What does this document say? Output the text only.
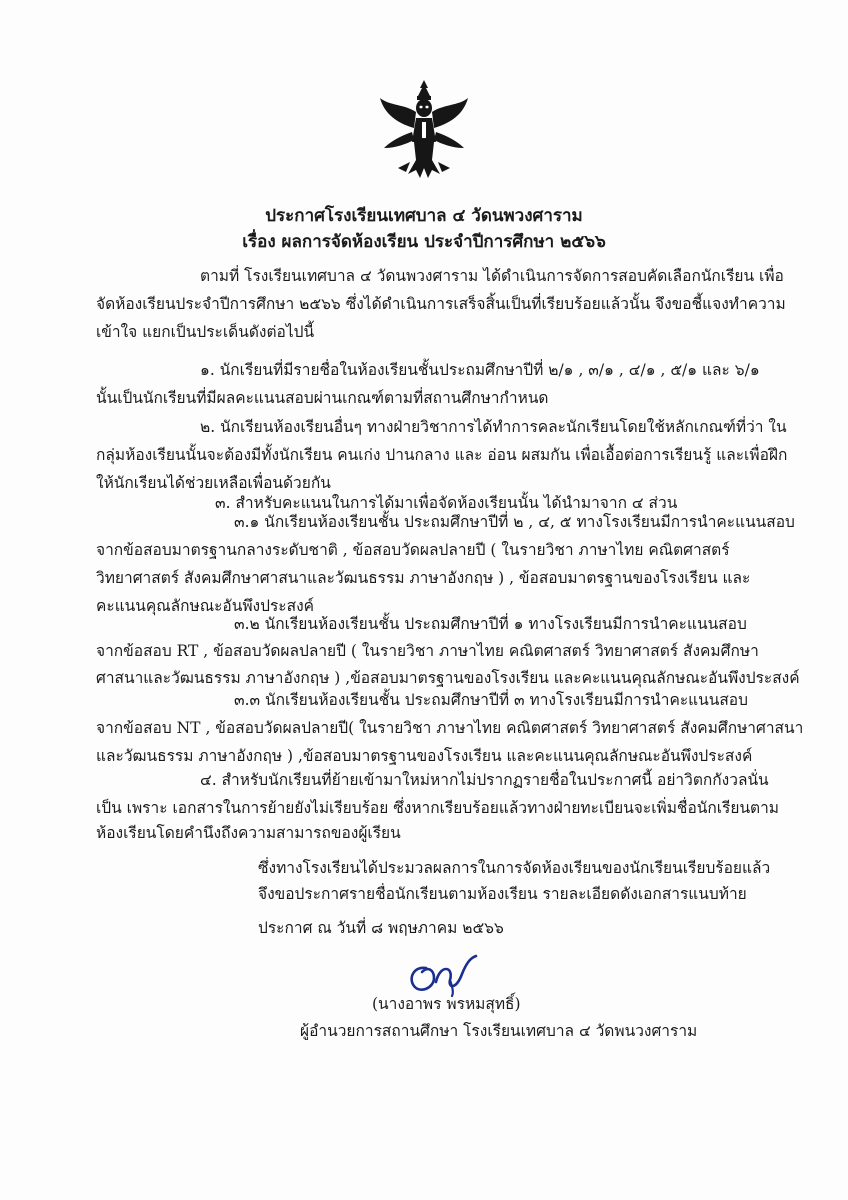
ประกาศโรงเรียนเทศบาล ๔ วัดนพวงศาราม
เรื่อง ผลการจัดห้องเรียน ประจำปีการศึกษา ๒๕๖๖
ตามที่ โรงเรียนเทศบาล ๔ วัดนพวงศาราม ได้ดำเนินการจัดการสอบคัดเลือกนักเรียน เพื่อ
จัดห้องเรียนประจำปีการศึกษา ๒๕๖๖ ซึ่งได้ดำเนินการเสร็จสิ้นเป็นที่เรียบร้อยแล้วนั้น จึงขอชี้แจงทำความ
เข้าใจ แยกเป็นประเด็นดังต่อไปนี้
๑. นักเรียนที่มีรายชื่อในห้องเรียนชั้นประถมศึกษาปีที่ ๒/๑ , ๓/๑ , ๔/๑ , ๕/๑ และ ๖/๑
นั้นเป็นนักเรียนที่มีผลคะแนนสอบผ่านเกณฑ์ตามที่สถานศึกษากำหนด
๒. นักเรียนห้องเรียนอื่นๆ ทางฝ่ายวิชาการได้ทำการคละนักเรียนโดยใช้หลักเกณฑ์ที่ว่า ใน
กลุ่มห้องเรียนนั้นจะต้องมีทั้งนักเรียน คนเก่ง ปานกลาง และ อ่อน ผสมกัน เพื่อเอื้อต่อการเรียนรู้ และเพื่อฝึก
ให้นักเรียนได้ช่วยเหลือเพื่อนด้วยกัน
๓. สำหรับคะแนนในการได้มาเพื่อจัดห้องเรียนนั้น ได้นำมาจาก ๔ ส่วน
๓.๑ นักเรียนห้องเรียนชั้น ประถมศึกษาปีที่ ๒ , ๔, ๕ ทางโรงเรียนมีการนำคะแนนสอบ
จากข้อสอบมาตรฐานกลางระดับชาติ , ข้อสอบวัดผลปลายปี ( ในรายวิชา ภาษาไทย คณิตศาสตร์
วิทยาศาสตร์ สังคมศึกษาศาสนาและวัฒนธรรม ภาษาอังกฤษ ) , ข้อสอบมาตรฐานของโรงเรียน และ
คะแนนคุณลักษณะอันพึงประสงค์
๓.๒ นักเรียนห้องเรียนชั้น ประถมศึกษาปีที่ ๑ ทางโรงเรียนมีการนำคะแนนสอบ
จากข้อสอบ RT , ข้อสอบวัดผลปลายปี ( ในรายวิชา ภาษาไทย คณิตศาสตร์ วิทยาศาสตร์ สังคมศึกษา
ศาสนาและวัฒนธรรม ภาษาอังกฤษ ) ,ข้อสอบมาตรฐานของโรงเรียน และคะแนนคุณลักษณะอันพึงประสงค์
๓.๓ นักเรียนห้องเรียนชั้น ประถมศึกษาปีที่ ๓ ทางโรงเรียนมีการนำคะแนนสอบ
จากข้อสอบ NT , ข้อสอบวัดผลปลายปี( ในรายวิชา ภาษาไทย คณิตศาสตร์ วิทยาศาสตร์ สังคมศึกษาศาสนา
และวัฒนธรรม ภาษาอังกฤษ ) ,ข้อสอบมาตรฐานของโรงเรียน และคะแนนคุณลักษณะอันพึงประสงค์
๔. สำหรับนักเรียนที่ย้ายเข้ามาใหม่หากไม่ปรากฏรายชื่อในประกาศนี้ อย่าวิตกกังวลนั่น
เป็น เพราะ เอกสารในการย้ายยังไม่เรียบร้อย ซึ่งหากเรียบร้อยแล้วทางฝ่ายทะเบียนจะเพิ่มชื่อนักเรียนตาม
ห้องเรียนโดยคำนึงถึงความสามารถของผู้เรียน
ซึ่งทางโรงเรียนได้ประมวลผลการในการจัดห้องเรียนของนักเรียนเรียบร้อยแล้ว
จึงขอประกาศรายชื่อนักเรียนตามห้องเรียน รายละเอียดดังเอกสารแนบท้าย
ประกาศ ณ วันที่ ๘ พฤษภาคม ๒๕๖๖
(นางอาพร พรหมสุทธิ์)
ผู้อำนวยการสถานศึกษา โรงเรียนเทศบาล ๔ วัดพนวงศาราม
